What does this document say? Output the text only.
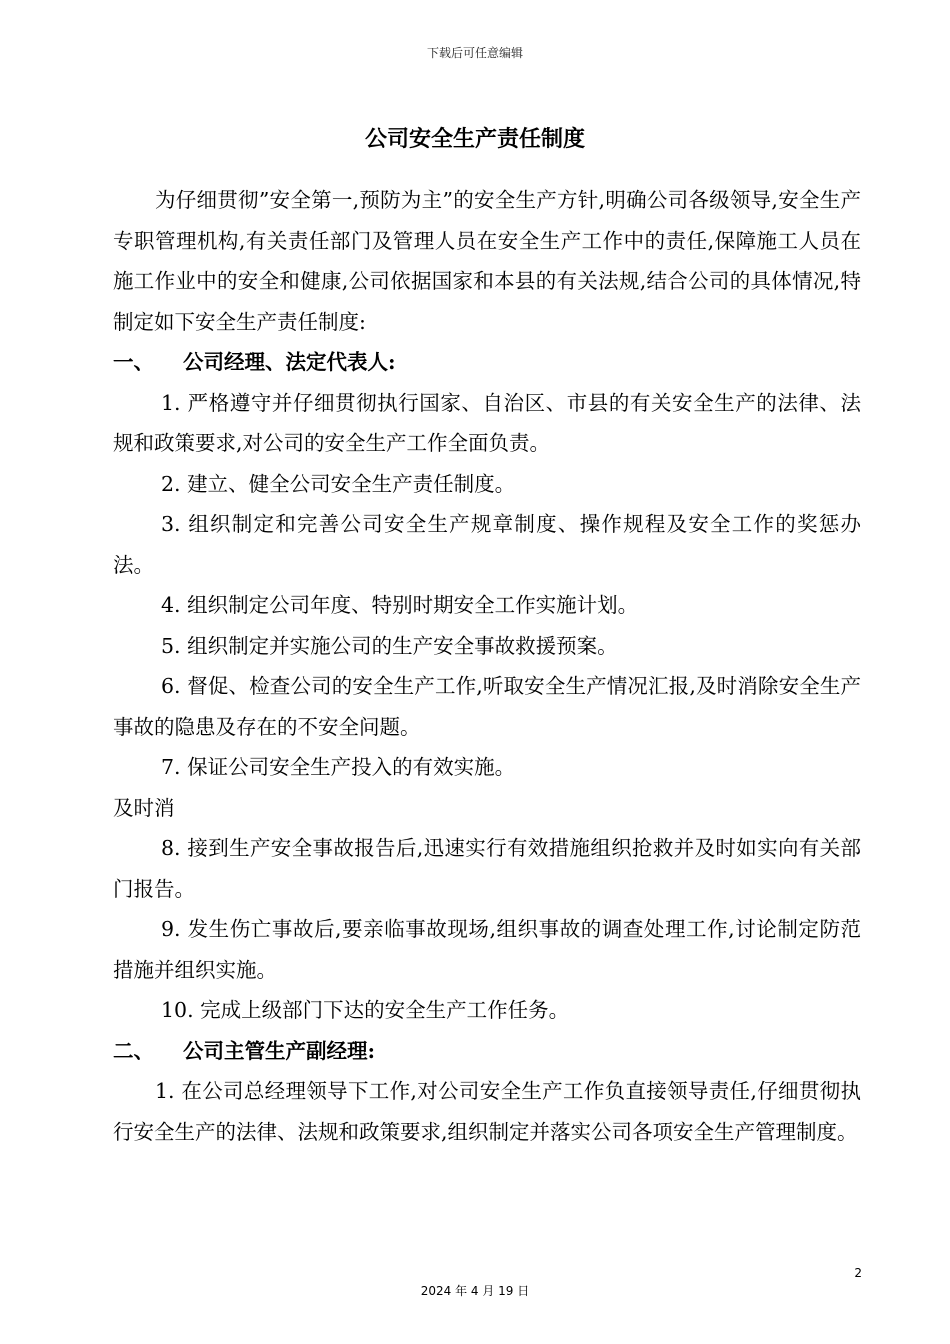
下载后可任意编辑
公司安全生产责任制度

为仔细贯彻”安全第一,预防为主”的安全生产方针,明确公司各级领导,安全生产专职管理机构,有关责任部门及管理人员在安全生产工作中的责任,保障施工人员在施工作业中的安全和健康,公司依据国家和本县的有关法规,结合公司的具体情况,特制定如下安全生产责任制度:

一、 公司经理、法定代表人:

1. 严格遵守并仔细贯彻执行国家、自治区、市县的有关安全生产的法律、法规和政策要求,对公司的安全生产工作全面负责。

2. 建立、健全公司安全生产责任制度。

3. 组织制定和完善公司安全生产规章制度、操作规程及安全工作的奖惩办法。

4. 组织制定公司年度、特别时期安全工作实施计划。

5. 组织制定并实施公司的生产安全事故救援预案。

6. 督促、检查公司的安全生产工作,听取安全生产情况汇报,及时消除安全生产事故的隐患及存在的不安全问题。

7. 保证公司安全生产投入的有效实施。

及时消

8. 接到生产安全事故报告后,迅速实行有效措施组织抢救并及时如实向有关部门报告。

9. 发生伤亡事故后,要亲临事故现场,组织事故的调查处理工作,讨论制定防范措施并组织实施。

10. 完成上级部门下达的安全生产工作任务。

二、 公司主管生产副经理:

1. 在公司总经理领导下工作,对公司安全生产工作负直接领导责任,仔细贯彻执行安全生产的法律、法规和政策要求,组织制定并落实公司各项安全生产管理制度。

2
2024 年 4 月 19 日
